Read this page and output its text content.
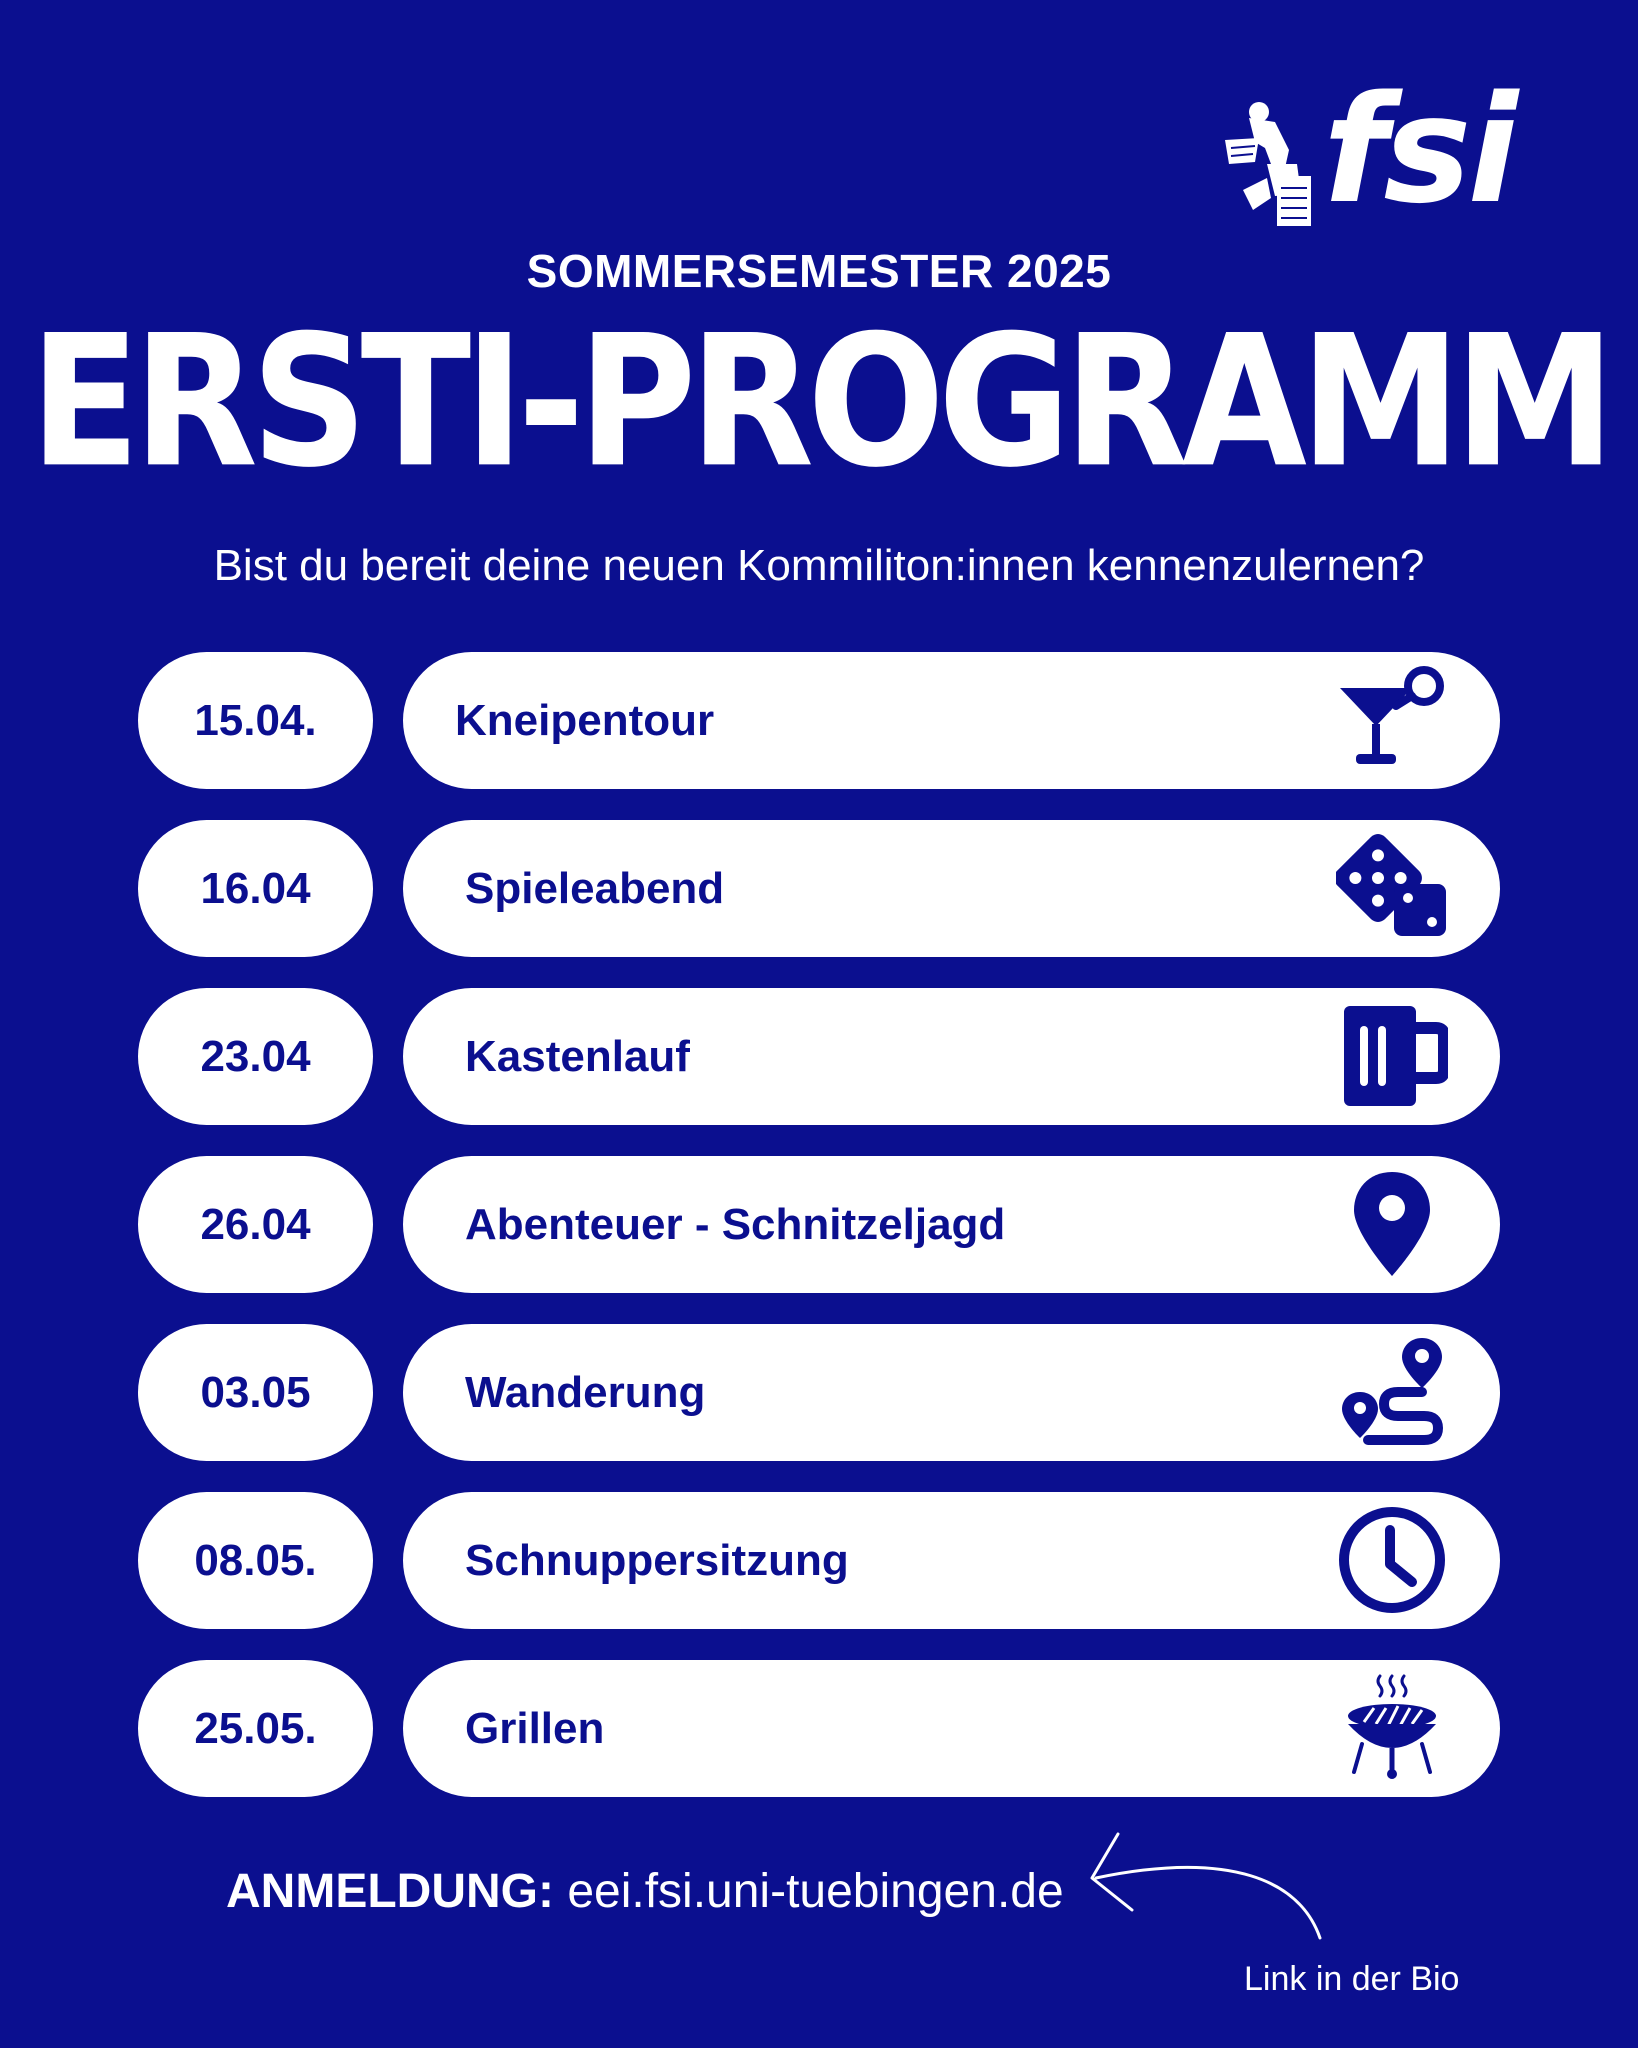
fsi
SOMMERSEMESTER 2025
ERSTI-PROGRAMM
Bist du bereit deine neuen Kommiliton:innen kennenzulernen?
15.04.	Kneipentour
16.04	Spieleabend
23.04	Kastenlauf
26.04	Abenteuer - Schnitzeljagd
03.05	Wanderung
08.05.	Schnuppersitzung
25.05.	Grillen
ANMELDUNG: eei.fsi.uni-tuebingen.de
Link in der Bio
